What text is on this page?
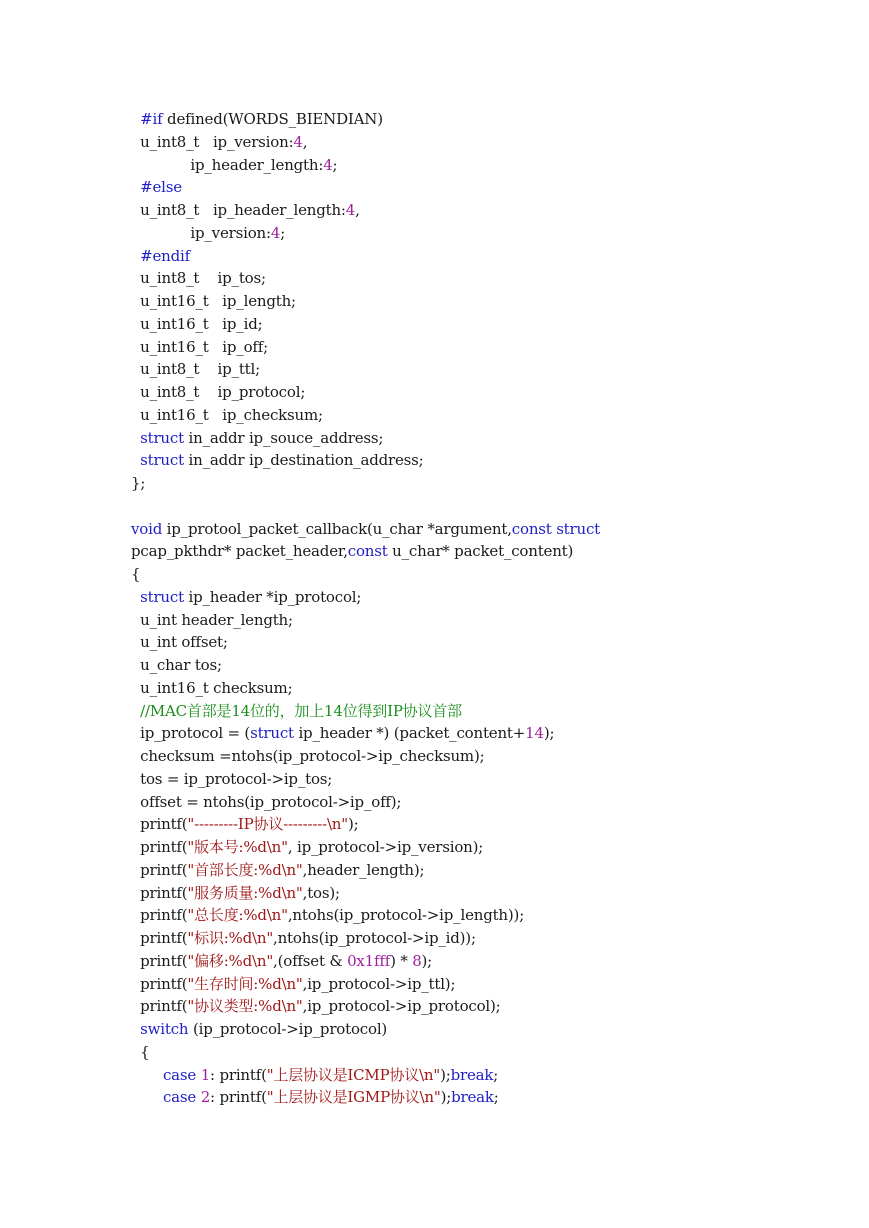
#if defined(WORDS_BIENDIAN)
u_int8_t   ip_version:4,
ip_header_length:4;
#else
u_int8_t   ip_header_length:4,
ip_version:4;
#endif
u_int8_t    ip_tos;
u_int16_t   ip_length;
u_int16_t   ip_id;
u_int16_t   ip_off;
u_int8_t    ip_ttl;
u_int8_t    ip_protocol;
u_int16_t   ip_checksum;
struct in_addr ip_souce_address;
struct in_addr ip_destination_address;
};
void ip_protool_packet_callback(u_char *argument,const struct
pcap_pkthdr* packet_header,const u_char* packet_content)
{
struct ip_header *ip_protocol;
u_int header_length;
u_int offset;
u_char tos;
u_int16_t checksum;
//MAC首部是14位的，加上14位得到IP协议首部
ip_protocol = (struct ip_header *) (packet_content+14);
checksum =ntohs(ip_protocol->ip_checksum);
tos = ip_protocol->ip_tos;
offset = ntohs(ip_protocol->ip_off);
printf("---------IP协议---------\n");
printf("版本号:%d\n", ip_protocol->ip_version);
printf("首部长度:%d\n",header_length);
printf("服务质量:%d\n",tos);
printf("总长度:%d\n",ntohs(ip_protocol->ip_length));
printf("标识:%d\n",ntohs(ip_protocol->ip_id));
printf("偏移:%d\n",(offset & 0x1fff) * 8);
printf("生存时间:%d\n",ip_protocol->ip_ttl);
printf("协议类型:%d\n",ip_protocol->ip_protocol);
switch (ip_protocol->ip_protocol)
{
case 1: printf("上层协议是ICMP协议\n");break;
case 2: printf("上层协议是IGMP协议\n");break;
